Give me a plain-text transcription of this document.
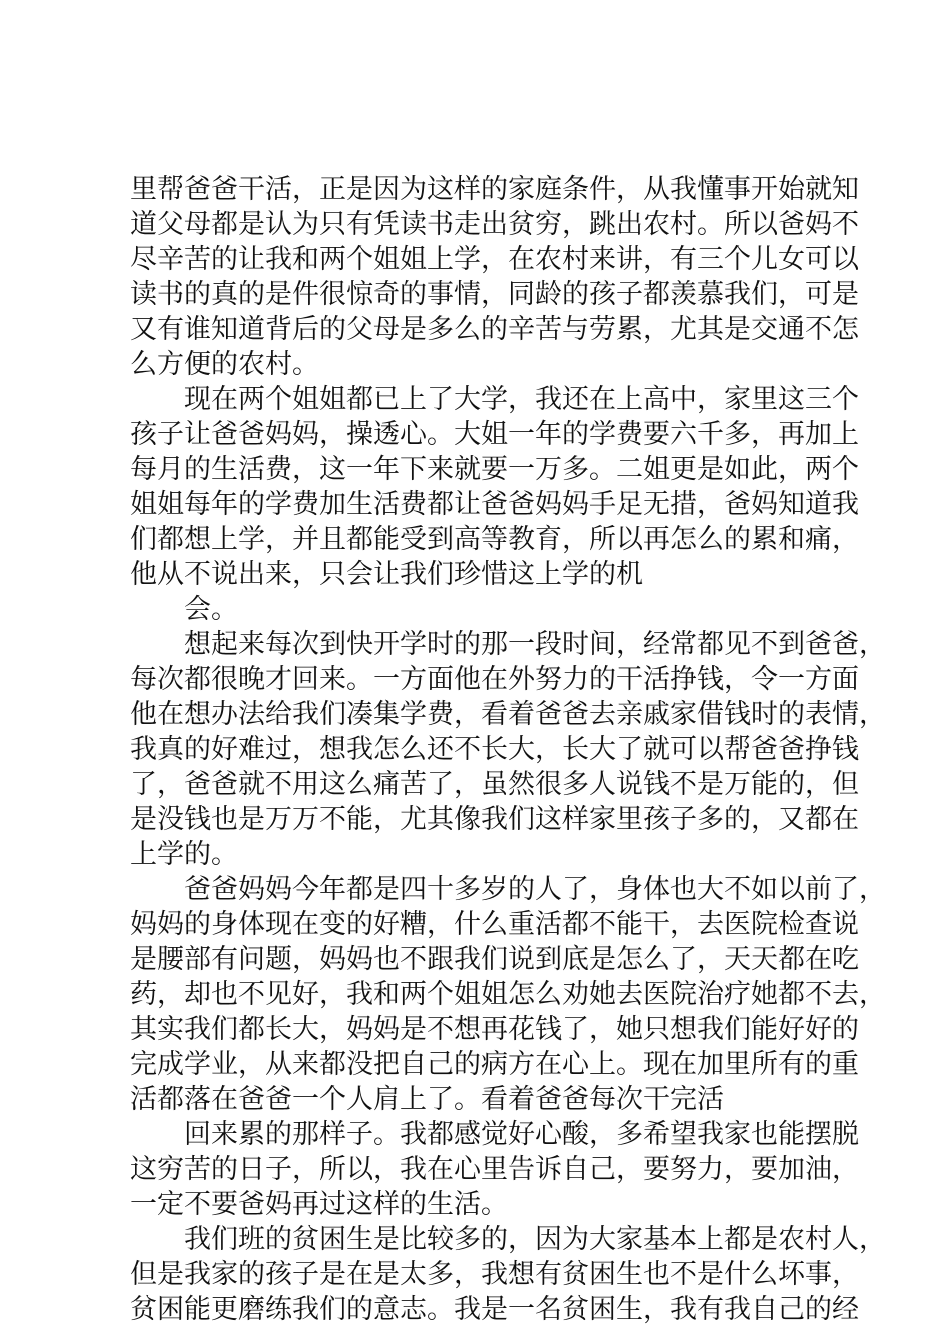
里帮爸爸干活，正是因为这样的家庭条件，从我懂事开始就知
道父母都是认为只有凭读书走出贫穷，跳出农村。所以爸妈不
尽辛苦的让我和两个姐姐上学，在农村来讲，有三个儿女可以
读书的真的是件很惊奇的事情，同龄的孩子都羡慕我们，可是
又有谁知道背后的父母是多么的辛苦与劳累，尤其是交通不怎
么方便的农村。
现在两个姐姐都已上了大学，我还在上高中，家里这三个
孩子让爸爸妈妈，操透心。大姐一年的学费要六千多，再加上
每月的生活费，这一年下来就要一万多。二姐更是如此，两个
姐姐每年的学费加生活费都让爸爸妈妈手足无措，爸妈知道我
们都想上学，并且都能受到高等教育，所以再怎么的累和痛，
他从不说出来，只会让我们珍惜这上学的机
会。
想起来每次到快开学时的那一段时间，经常都见不到爸爸，
每次都很晚才回来。一方面他在外努力的干活挣钱，令一方面
他在想办法给我们凑集学费，看着爸爸去亲戚家借钱时的表情，
我真的好难过，想我怎么还不长大，长大了就可以帮爸爸挣钱
了，爸爸就不用这么痛苦了，虽然很多人说钱不是万能的，但
是没钱也是万万不能，尤其像我们这样家里孩子多的，又都在
上学的。
爸爸妈妈今年都是四十多岁的人了，身体也大不如以前了，
妈妈的身体现在变的好糟，什么重活都不能干，去医院检查说
是腰部有问题，妈妈也不跟我们说到底是怎么了，天天都在吃
药，却也不见好，我和两个姐姐怎么劝她去医院治疗她都不去，
其实我们都长大，妈妈是不想再花钱了，她只想我们能好好的
完成学业，从来都没把自己的病方在心上。现在加里所有的重
活都落在爸爸一个人肩上了。看着爸爸每次干完活
回来累的那样子。我都感觉好心酸，多希望我家也能摆脱
这穷苦的日子，所以，我在心里告诉自己，要努力，要加油，
一定不要爸妈再过这样的生活。
我们班的贫困生是比较多的，因为大家基本上都是农村人，
但是我家的孩子是在是太多，我想有贫困生也不是什么坏事，
贫困能更磨练我们的意志。我是一名贫困生，我有我自己的经
